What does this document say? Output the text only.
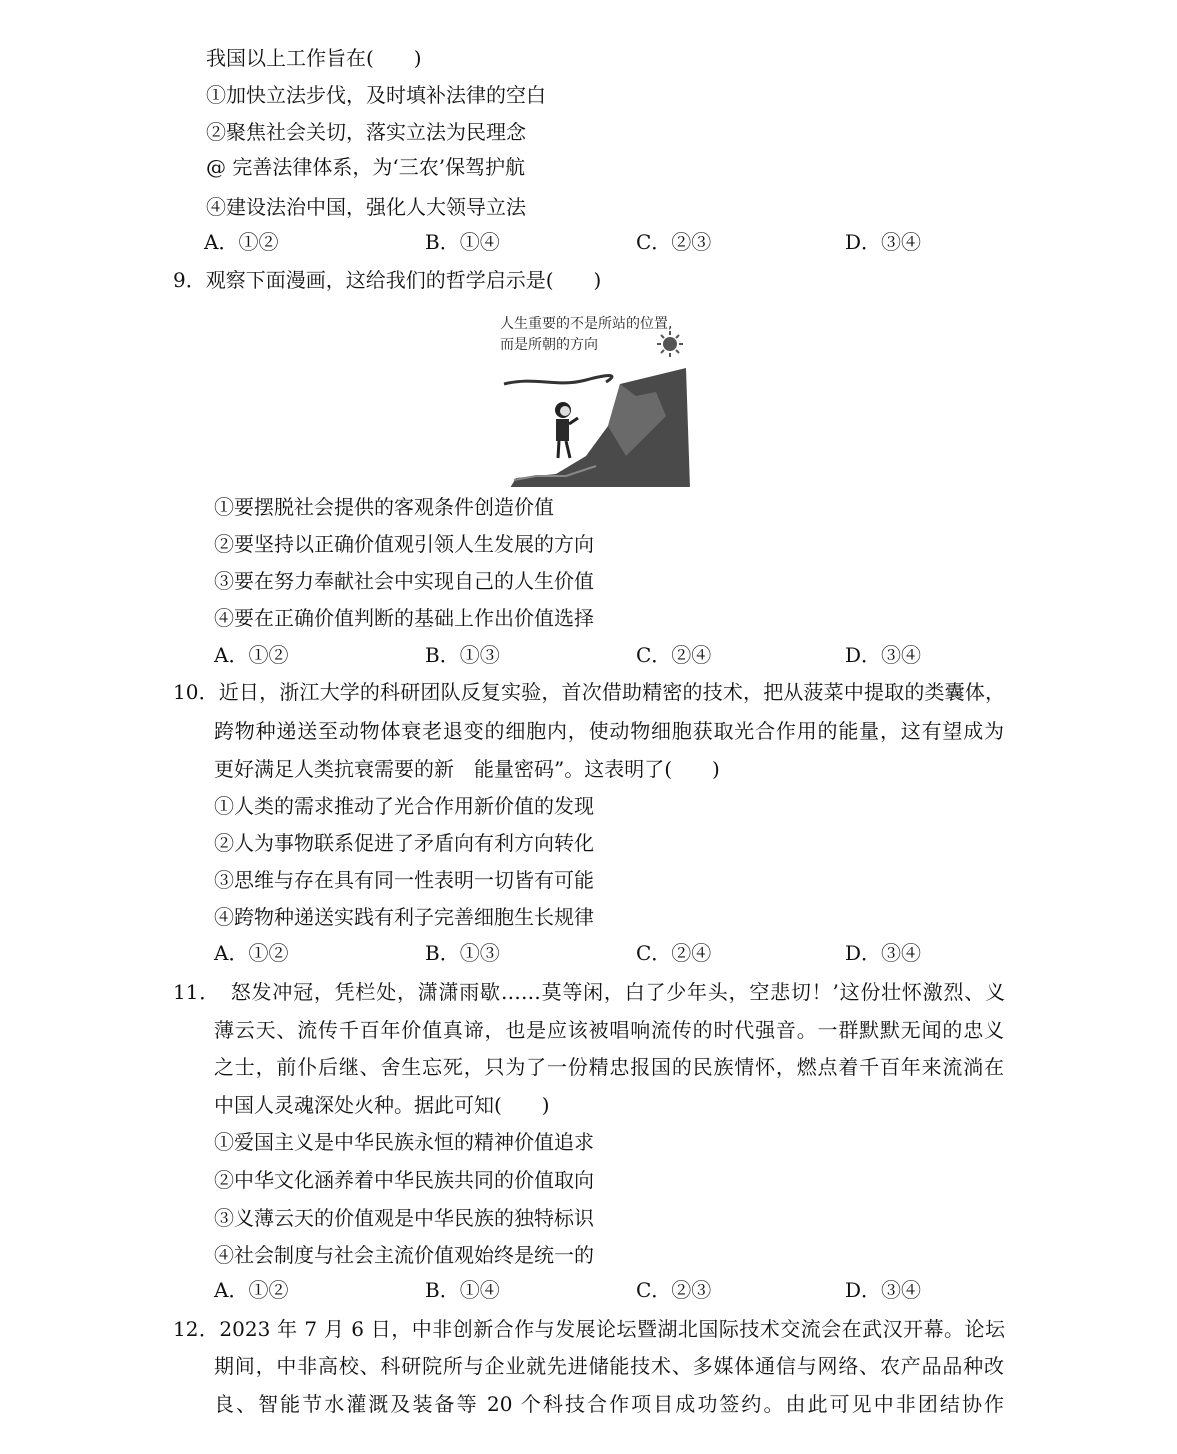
我国以上工作旨在(　　)
①加快立法步伐，及时填补法律的空白
②聚焦社会关切，落实立法为民理念
@ 完善法律体系，为‘三农’保驾护航
④建设法治中国，强化人大领导立法
A．①②	B．①④	C．②③	D．③④
9．观察下面漫画，这给我们的哲学启示是(　　)
人生重要的不是所站的位置,
而是所朝的方向
①要摆脱社会提供的客观条件创造价值
②要坚持以正确价值观引领人生发展的方向
③要在努力奉献社会中实现自己的人生价值
④要在正确价值判断的基础上作出价值选择
A．①②	B．①③	C．②④	D．③④
10．近日，浙江大学的科研团队反复实验，首次借助精密的技术，把从菠菜中提取的类囊体，
跨物种递送至动物体衰老退变的细胞内，使动物细胞获取光合作用的能量，这有望成为
更好满足人类抗衰需要的新　能量密码”。这表明了(　　)
①人类的需求推动了光合作用新价值的发现
②人为事物联系促进了矛盾向有利方向转化
③思维与存在具有同一性表明一切皆有可能
④跨物种递送实践有利子完善细胞生长规律
A．①②	B．①③	C．②④	D．③④
11．　怒发冲冠，凭栏处，潇潇雨歇……莫等闲，白了少年头，空悲切！’这份壮怀激烈、义
薄云天、流传千百年价值真谛，也是应该被唱响流传的时代强音。一群默默无闻的忠义
之士，前仆后继、舍生忘死，只为了一份精忠报国的民族情怀，燃点着千百年来流淌在
中国人灵魂深处火种。据此可知(　　)
①爱国主义是中华民族永恒的精神价值追求
②中华文化涵养着中华民族共同的价值取向
③义薄云天的价值观是中华民族的独特标识
④社会制度与社会主流价值观始终是统一的
A．①②	B．①④	C．②③	D．③④
12．2023 年 7 月 6 日，中非创新合作与发展论坛暨湖北国际技术交流会在武汉开幕。论坛
期间，中非高校、科研院所与企业就先进储能技术、多媒体通信与网络、农产品品种改
良、智能节水灌溉及装备等 20 个科技合作项目成功签约。由此可见中非团结协作
